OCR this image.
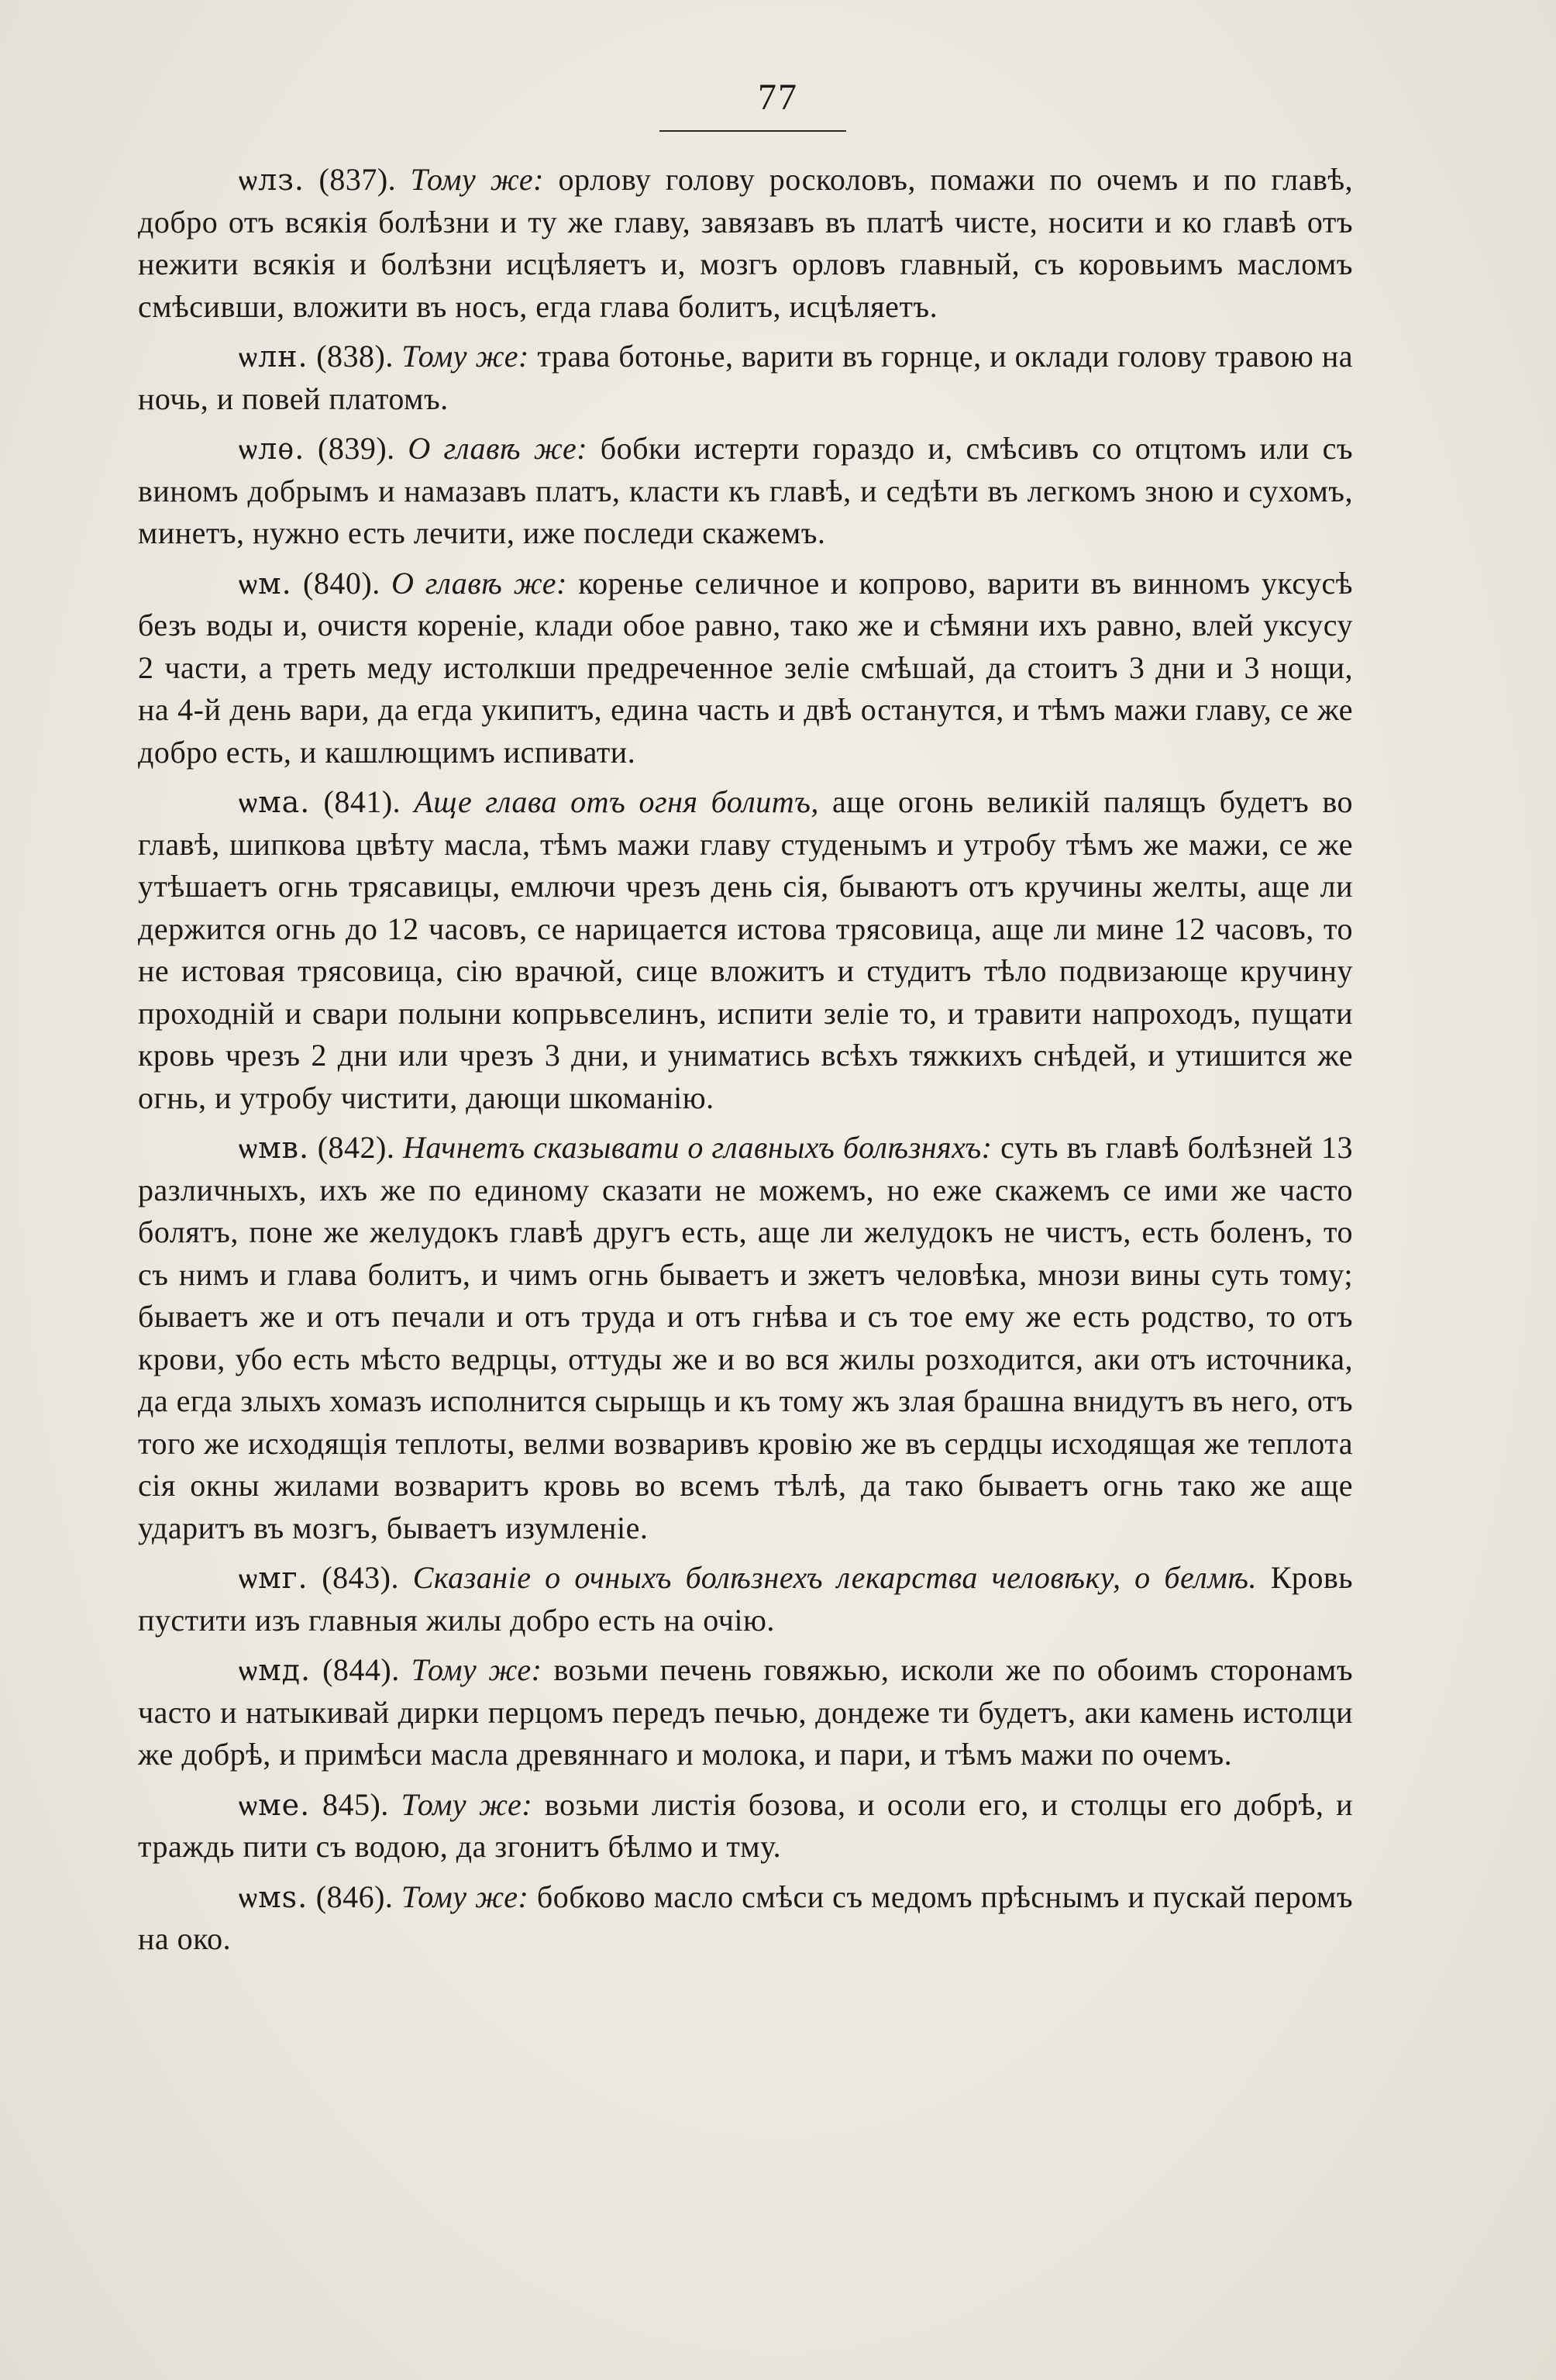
77

ѡлз. (837). Тому же: орлову голову росколовъ, помажи по очемъ и по главѣ, добро отъ всякія болѣзни и ту же главу, завязавъ въ платѣ чисте, носити и ко главѣ отъ нежити всякія и болѣзни исцѣляетъ и, мозгъ орловъ главный, съ коровьимъ масломъ смѣсивши, вложити въ носъ, егда глава болитъ, исцѣляетъ.

ѡлн. (838). Тому же: трава ботонье, варити въ горнце, и оклади голову травою на ночь, и повей платомъ.

ѡлѳ. (839). О главѣ же: бобки истерти гораздо и, смѣсивъ со отцтомъ или съ виномъ добрымъ и намазавъ платъ, класти къ главѣ, и седѣти въ легкомъ зною и сухомъ, минетъ, нужно есть лечити, иже последи скажемъ.

ѡм. (840). О главѣ же: коренье селичное и копрово, варити въ винномъ уксусѣ безъ воды и, очистя кореніе, клади обое равно, тако же и сѣмяни ихъ равно, влей уксусу 2 части, а треть меду истолкши предреченное зеліе смѣшай, да стоитъ 3 дни и 3 нощи, на 4-й день вари, да егда укипитъ, едина часть и двѣ останутся, и тѣмъ мажи главу, се же добро есть, и кашлющимъ испивати.

ѡма. (841). Аще глава отъ огня болитъ, аще огонь великій палящъ будетъ во главѣ, шипкова цвѣту масла, тѣмъ мажи главу студенымъ и утробу тѣмъ же мажи, се же утѣшаетъ огнь трясавицы, емлючи чрезъ день сія, бываютъ отъ кручины желты, аще ли держится огнь до 12 часовъ, се нарицается истова трясовица, аще ли мине 12 часовъ, то не истовая трясовица, сію врачюй, сице вложитъ и студитъ тѣло подвизающе кручину проходній и свари полыни копрьвселинъ, испити зеліе то, и травити напроходъ, пущати кровь чрезъ 2 дни или чрезъ 3 дни, и униматись всѣхъ тяжкихъ снѣдей, и утишится же огнь, и утробу чистити, дающи шкоманію.

ѡмв. (842). Начнетъ сказывати о главныхъ болѣзняхъ: суть въ главѣ болѣзней 13 различныхъ, ихъ же по единому сказати не можемъ, но еже скажемъ се ими же часто болятъ, поне же желудокъ главѣ другъ есть, аще ли желудокъ не чистъ, есть боленъ, то съ нимъ и глава болитъ, и чимъ огнь бываетъ и зжетъ человѣка, мнози вины суть тому; бываетъ же и отъ печали и отъ труда и отъ гнѣва и съ тое ему же есть родство, то отъ крови, убо есть мѣсто ведрцы, оттуды же и во вся жилы розходится, аки отъ источника, да егда злыхъ хомазъ исполнится сырыщь и къ тому жъ злая брашна внидутъ въ него, отъ того же исходящія теплоты, велми возваривъ кровію же въ сердцы исходящая же теплота сія окны жилами возваритъ кровь во всемъ тѣлѣ, да тако бываетъ огнь тако же аще ударитъ въ мозгъ, бываетъ изумленіе.

ѡмг. (843). Сказаніе о очныхъ болѣзнехъ лекарства человѣку, о белмѣ. Кровь пустити изъ главныя жилы добро есть на очію.

ѡмд. (844). Тому же: возьми печень говяжью, исколи же по обоимъ сторонамъ часто и натыкивай дирки перцомъ передъ печью, дондеже ти будетъ, аки камень истолци же добрѣ, и примѣси масла древяннаго и молока, и пари, и тѣмъ мажи по очемъ.

ѡме. 845). Тому же: возьми листія бозова, и осоли его, и столцы его добрѣ, и траждь пити съ водою, да згонитъ бѣлмо и тму.

ѡмѕ. (846). Тому же: бобково масло смѣси съ медомъ прѣснымъ и пускай перомъ на око.
